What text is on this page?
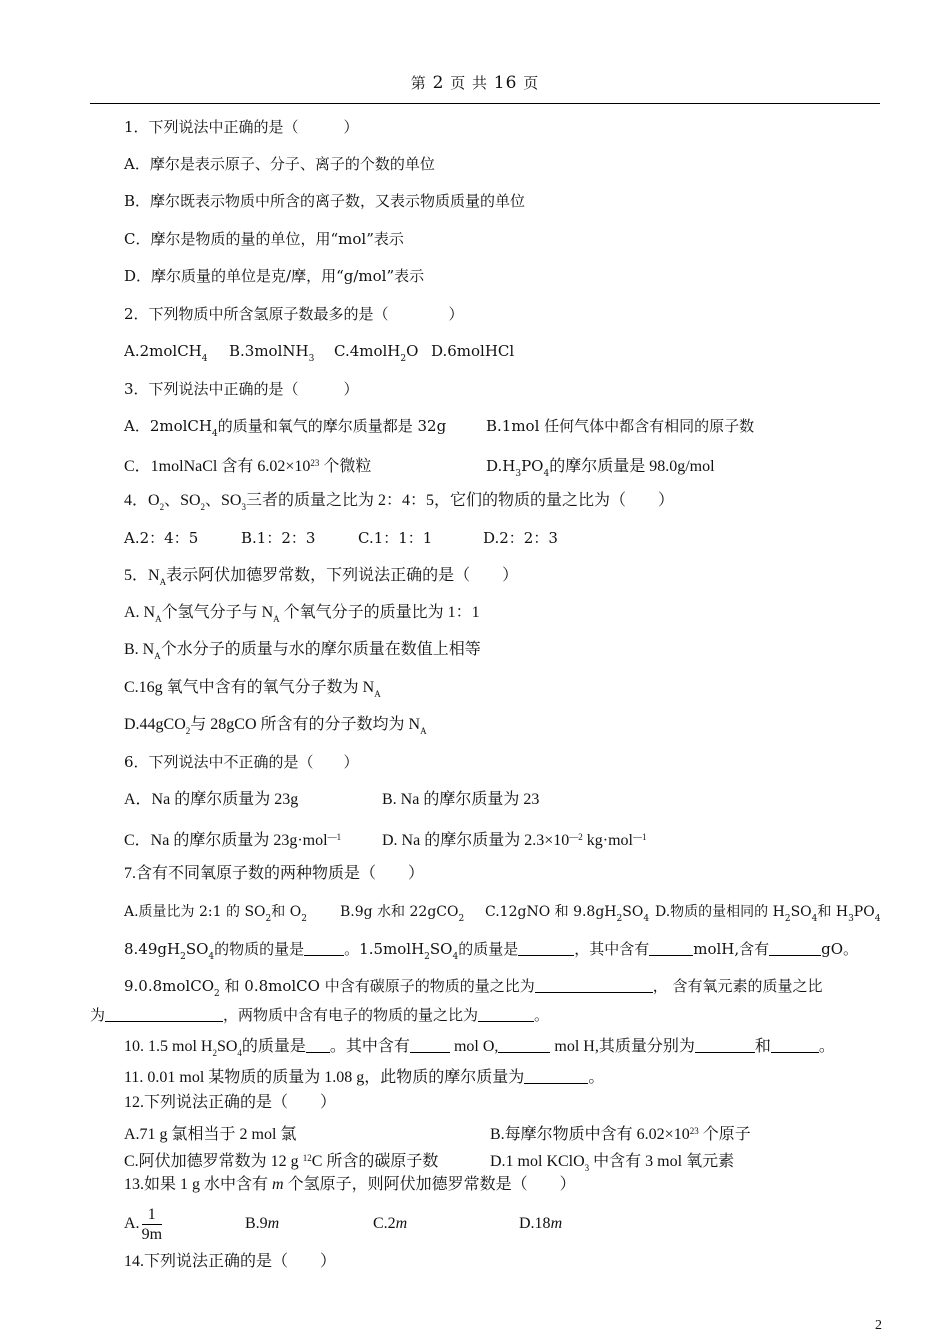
第 2 页 共 16 页
1．下列说法中正确的是（　　　）
A．摩尔是表示原子、分子、离子的个数的单位
B．摩尔既表示物质中所含的离子数，又表示物质质量的单位
C．摩尔是物质的量的单位，用“mol”表示
D．摩尔质量的单位是克/摩，用“g/mol”表示
2．下列物质中所含氢原子数最多的是（　　　　）
A.2molCH$_4$ B.3molNH$_3$ C.4molH$_2$O D.6molHCl
3．下列说法中正确的是（　　　）
A．2molCH$_4$的质量和氧气的摩尔质量都是 32g	B.1mol 任何气体中都含有相同的原子数
C．1molNaCl 含有 $6.02\times 10^{23}$ 个微粒	$D.H_3PO_4$的摩尔质量是 98.0g/mol
4．$O_2$、$SO_2$、$SO_3$三者的质量之比为 2：4：5，它们的物质的量之比为（　　）
A.2：4：5	B.1：2：3	C.1：1：1	D.2：2：3
5．$N_A$表示阿伏加德罗常数，下列说法正确的是（　　）
A. $N_A$个氢气分子与 $N_A$ 个氧气分子的质量比为 1：1
B. $N_A$个水分子的质量与水的摩尔质量在数值上相等
C.16g 氧气中含有的氧气分子数为 $N_A$
D.44gCO$_2$与 28gCO 所含有的分子数均为 $N_A$
6．下列说法中不正确的是（　　）
A．Na 的摩尔质量为 23g	B. Na 的摩尔质量为 23
C．Na 的摩尔质量为 23g·mol$^{—1}$	D. Na 的摩尔质量为 $2.3\times 10^{—2}$ kg·mol$^{—1}$
7.含有不同氧原子数的两种物质是（　　）
A.质量比为 2:1 的 $SO_2$和 $O_2$ B.9g 水和 22gCO$_2$ C.12gNO 和 $9.8gH_2SO_4$ D.物质的量相同的 $H_2SO_4$和 $H_3PO_4$
$8.49gH_2SO_4$的物质的量是	。$1.5molH_2SO_4$的质量是	，其中含有	molH,含有	gO。
9.0.8molCO$_2$ 和 0.8molCO 中含有碳原子的物质的量之比为	， 含有氧元素的质量之比
为	，两物质中含有电子的物质的量之比为	。
10. 1.5 mol $H_2SO_4$的质量是 。其中含有	mol O,	mol H,其质量分别为	和	。
11. 0.01 mol 某物质的质量为 1.08 g，此物质的摩尔质量为	。
12.下列说法正确的是（　　）
A.71 g 氯相当于 2 mol 氯	B.每摩尔物质中含有 $6.02\times 10^{23}$ 个原子
C.阿伏加德罗常数为 12 g $^{12}$C 所含的碳原子数	D.1 mol KClO$_3$ 中含有 3 mol 氧元素
13.如果 1 g 水中含有 m 个氢原子，则阿伏加德罗常数是（　　）
A. $\frac{1}{9m}$	B.9m	C.2m	D.18m
14.下列说法正确的是（　　）
2
